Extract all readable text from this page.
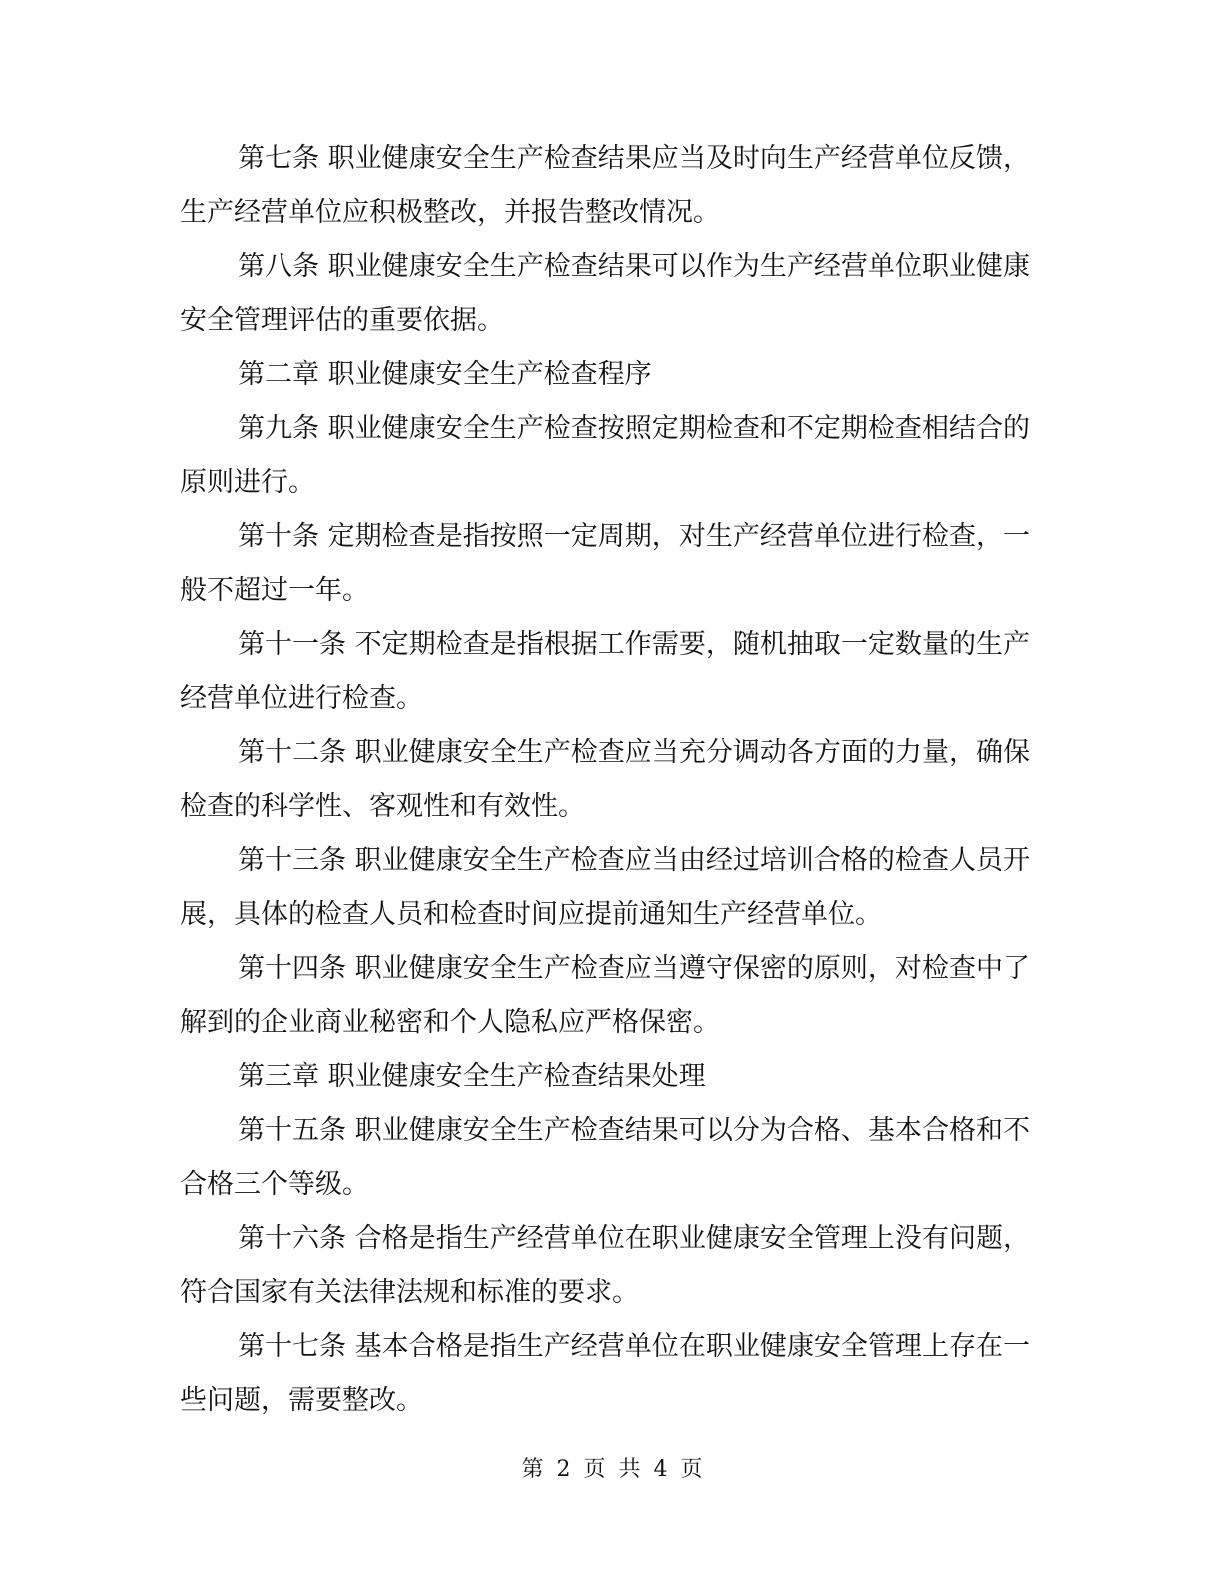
第七条 职业健康安全生产检查结果应当及时向生产经营单位反馈，生产经营单位应积极整改，并报告整改情况。

第八条 职业健康安全生产检查结果可以作为生产经营单位职业健康安全管理评估的重要依据。

第二章 职业健康安全生产检查程序

第九条 职业健康安全生产检查按照定期检查和不定期检查相结合的原则进行。

第十条 定期检查是指按照一定周期，对生产经营单位进行检查，一般不超过一年。

第十一条 不定期检查是指根据工作需要，随机抽取一定数量的生产经营单位进行检查。

第十二条 职业健康安全生产检查应当充分调动各方面的力量，确保检查的科学性、客观性和有效性。

第十三条 职业健康安全生产检查应当由经过培训合格的检查人员开展，具体的检查人员和检查时间应提前通知生产经营单位。

第十四条 职业健康安全生产检查应当遵守保密的原则，对检查中了解到的企业商业秘密和个人隐私应严格保密。

第三章 职业健康安全生产检查结果处理

第十五条 职业健康安全生产检查结果可以分为合格、基本合格和不合格三个等级。

第十六条 合格是指生产经营单位在职业健康安全管理上没有问题，符合国家有关法律法规和标准的要求。

第十七条 基本合格是指生产经营单位在职业健康安全管理上存在一些问题，需要整改。

第 2 页 共 4 页
